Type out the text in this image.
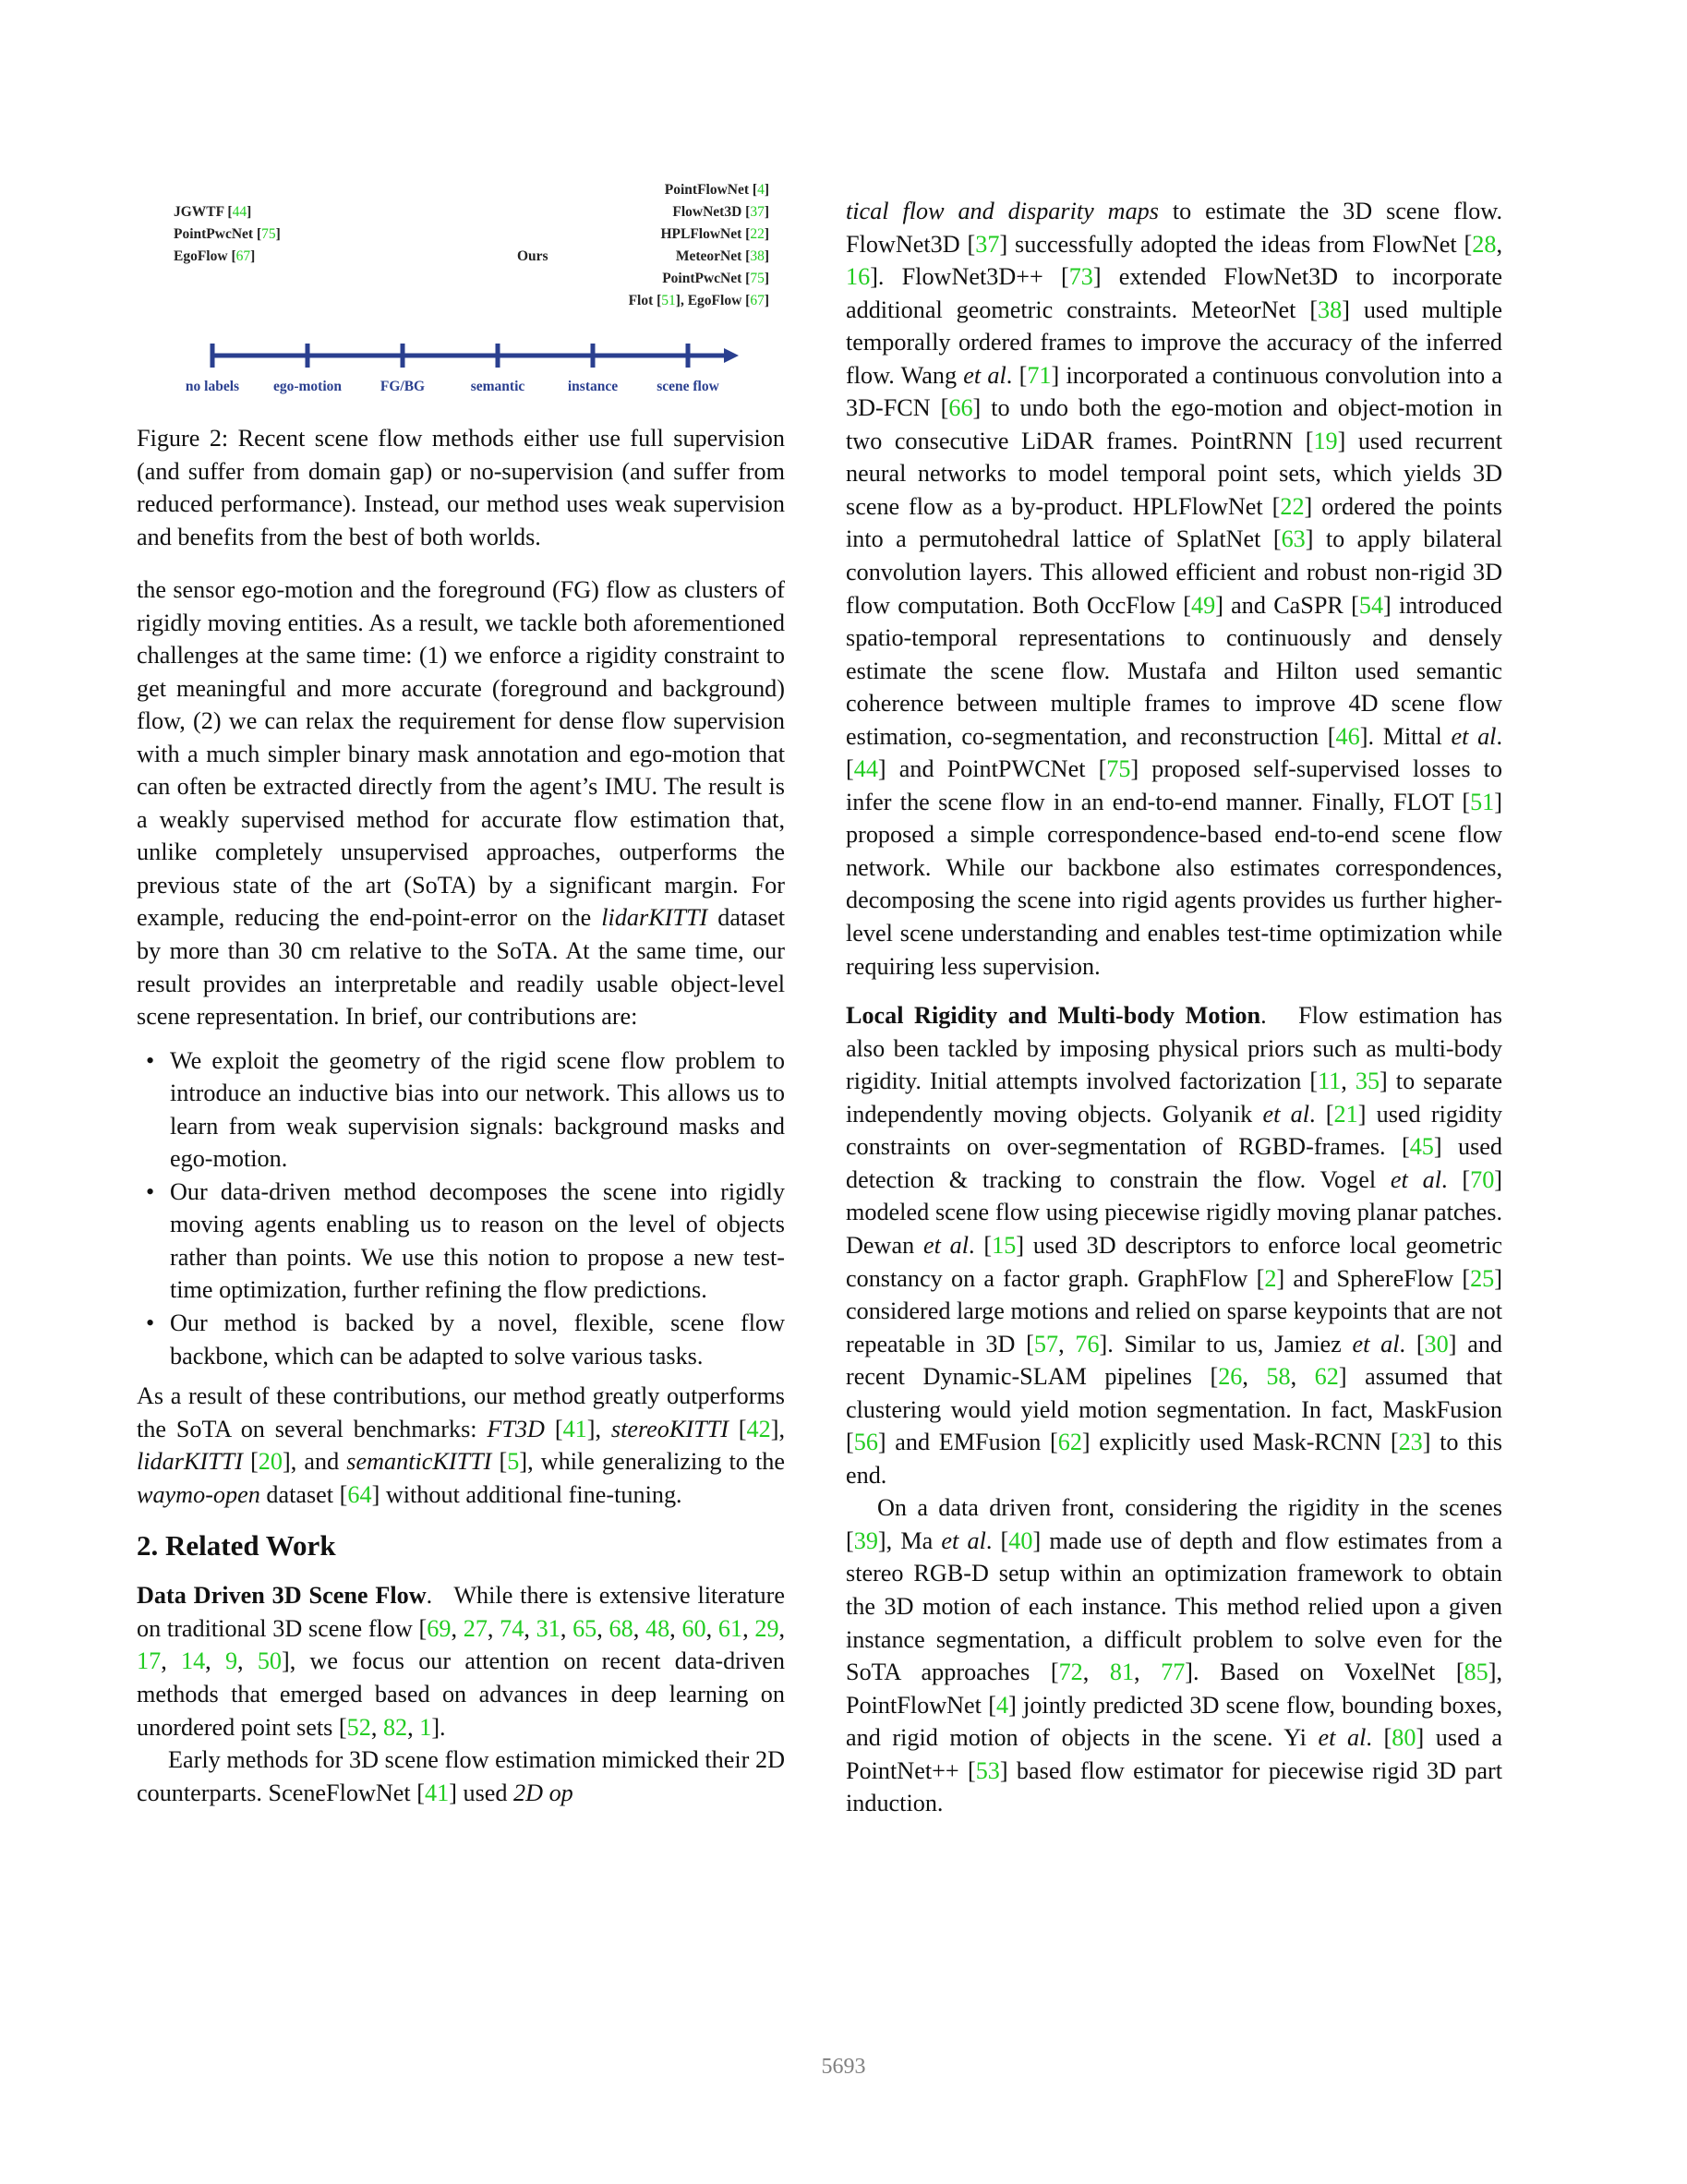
JGWTF [44]
PointPwcNet [75]
EgoFlow [67]	Ours
PointFlowNet [4]
FlowNet3D [37]
HPLFlowNet [22]
MeteorNet [38]
PointPwcNet [75]
Flot [51], EgoFlow [67]
no labels ego-motion	FG/BG	semantic	instance	scene flow
Figure 2: Recent scene flow methods either use full supervision (and suffer from domain gap) or no-supervision (and suffer from reduced performance). Instead, our method uses weak supervision and benefits from the best of both worlds.

the sensor ego-motion and the foreground (FG) flow as clusters of rigidly moving entities. As a result, we tackle both aforementioned challenges at the same time: (1) we enforce a rigidity constraint to get meaningful and more accurate (foreground and background) flow, (2) we can relax the requirement for dense flow supervision with a much simpler binary mask annotation and ego-motion that can often be extracted directly from the agent’s IMU. The result is a weakly supervised method for accurate flow estimation that, unlike completely unsupervised approaches, outperforms the previous state of the art (SoTA) by a significant margin. For example, reducing the end-point-error on the lidarKITTI dataset by more than 30 cm relative to the SoTA. At the same time, our result provides an interpretable and readily usable object-level scene representation. In brief, our contributions are:

• We exploit the geometry of the rigid scene flow problem to introduce an inductive bias into our network. This allows us to learn from weak supervision signals: background masks and ego-motion.
• Our data-driven method decomposes the scene into rigidly moving agents enabling us to reason on the level of objects rather than points. We use this notion to propose a new test-time optimization, further refining the flow predictions.
• Our method is backed by a novel, flexible, scene flow backbone, which can be adapted to solve various tasks.

As a result of these contributions, our method greatly outperforms the SoTA on several benchmarks: FT3D [41], stereoKITTI [42], lidarKITTI [20], and semanticKITTI [5], while generalizing to the waymo-open dataset [64] without additional fine-tuning.

2. Related Work

Data Driven 3D Scene Flow.   While there is extensive literature on traditional 3D scene flow [69, 27, 74, 31, 65, 68, 48, 60, 61, 29, 17, 14, 9, 50], we focus our attention on recent data-driven methods that emerged based on advances in deep learning on unordered point sets [52, 82, 1].

Early methods for 3D scene flow estimation mimicked their 2D counterparts. SceneFlowNet [41] used 2D op

tical flow and disparity maps to estimate the 3D scene flow. FlowNet3D [37] successfully adopted the ideas from FlowNet [28, 16]. FlowNet3D++ [73] extended FlowNet3D to incorporate additional geometric constraints. MeteorNet [38] used multiple temporally ordered frames to improve the accuracy of the inferred flow. Wang et al. [71] incorporated a continuous convolution into a 3D-FCN [66] to undo both the ego-motion and object-motion in two consecutive LiDAR frames. PointRNN [19] used recurrent neural networks to model temporal point sets, which yields 3D scene flow as a by-product. HPLFlowNet [22] ordered the points into a permutohedral lattice of SplatNet [63] to apply bilateral convolution layers. This allowed efficient and robust non-rigid 3D flow computation. Both OccFlow [49] and CaSPR [54] introduced spatio-temporal representations to continuously and densely estimate the scene flow. Mustafa and Hilton used semantic coherence between multiple frames to improve 4D scene flow estimation, co-segmentation, and reconstruction [46]. Mittal et al. [44] and PointPWCNet [75] proposed self-supervised losses to infer the scene flow in an end-to-end manner. Finally, FLOT [51] proposed a simple correspondence-based end-to-end scene flow network. While our backbone also estimates correspondences, decomposing the scene into rigid agents provides us further higher-level scene understanding and enables test-time optimization while requiring less supervision.

Local Rigidity and Multi-body Motion.   Flow estimation has also been tackled by imposing physical priors such as multi-body rigidity. Initial attempts involved factorization [11, 35] to separate independently moving objects. Golyanik et al. [21] used rigidity constraints on over-segmentation of RGBD-frames. [45] used detection & tracking to constrain the flow. Vogel et al. [70] modeled scene flow using piecewise rigidly moving planar patches. Dewan et al. [15] used 3D descriptors to enforce local geometric constancy on a factor graph. GraphFlow [2] and SphereFlow [25] considered large motions and relied on sparse keypoints that are not repeatable in 3D [57, 76]. Similar to us, Jamiez et al. [30] and recent Dynamic-SLAM pipelines [26, 58, 62] assumed that clustering would yield motion segmentation. In fact, MaskFusion [56] and EMFusion [62] explicitly used Mask-RCNN [23] to this end.

On a data driven front, considering the rigidity in the scenes [39], Ma et al. [40] made use of depth and flow estimates from a stereo RGB-D setup within an optimization framework to obtain the 3D motion of each instance. This method relied upon a given instance segmentation, a difficult problem to solve even for the SoTA approaches [72, 81, 77]. Based on VoxelNet [85], PointFlowNet [4] jointly predicted 3D scene flow, bounding boxes, and rigid motion of objects in the scene. Yi et al. [80] used a PointNet++ [53] based flow estimator for piecewise rigid 3D part induction.

5693
